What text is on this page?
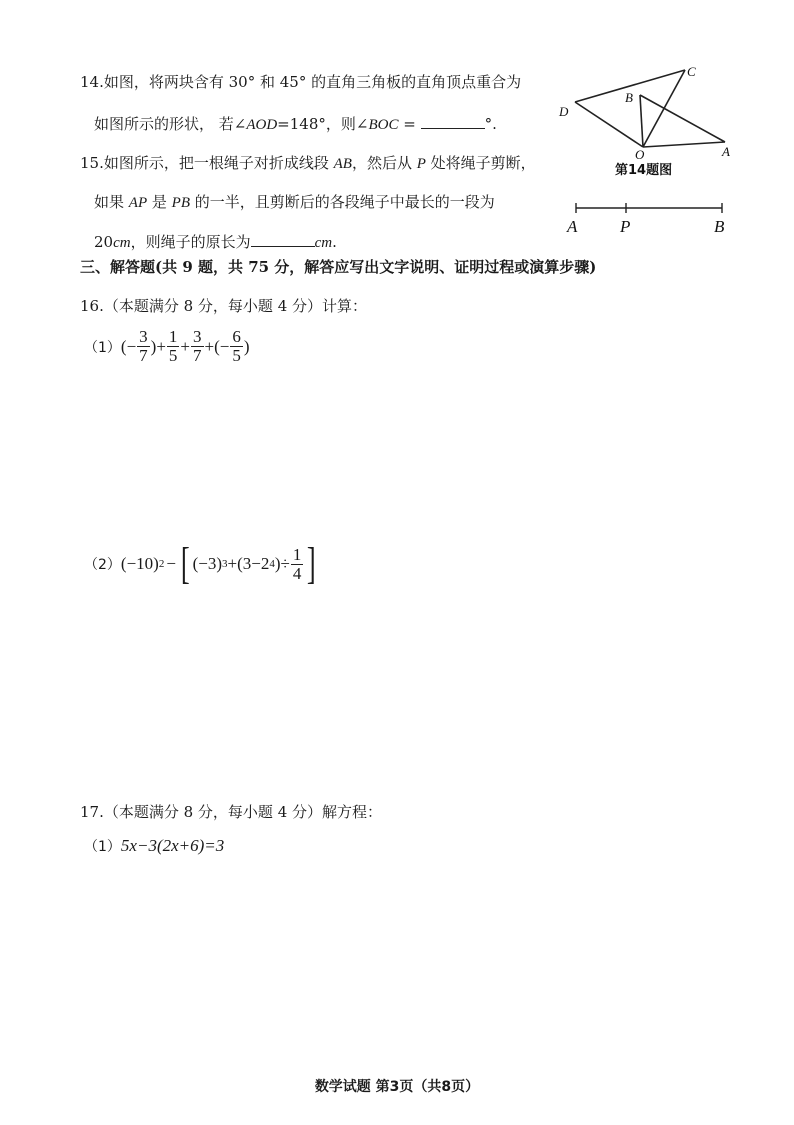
14.如图，将两块含有 30° 和 45° 的直角三角板的直角顶点重合为
如图所示的形状， 若∠AOD=148°，则∠BOC =	°.
C
B
D
O	A
第14题图
15.如图所示，把一根绳子对折成线段 AB，然后从 P 处将绳子剪断，
如果 AP 是 PB 的一半，且剪断后的各段绳子中最长的一段为
20cm，则绳子的原长为	cm.
A	P	B
三、解答题(共 9 题，共 75 分，解答应写出文字说明、证明过程或演算步骤)
16.（本题满分 8 分，每小题 4 分）计算：
（1） (− $\frac{3}{7}$ )+ $\frac{1}{5} + \frac{3}{7}$ + (− $\frac{6}{5}$ )
（2） (−10) 2 − [ (−3) 3 +(3−2 4 )÷ $\frac{1}{4}$ ]
17.（本题满分 8 分，每小题 4 分）解方程：
（1） 5x−3(2x+6)=3
数学试题 第3页（共8页）
